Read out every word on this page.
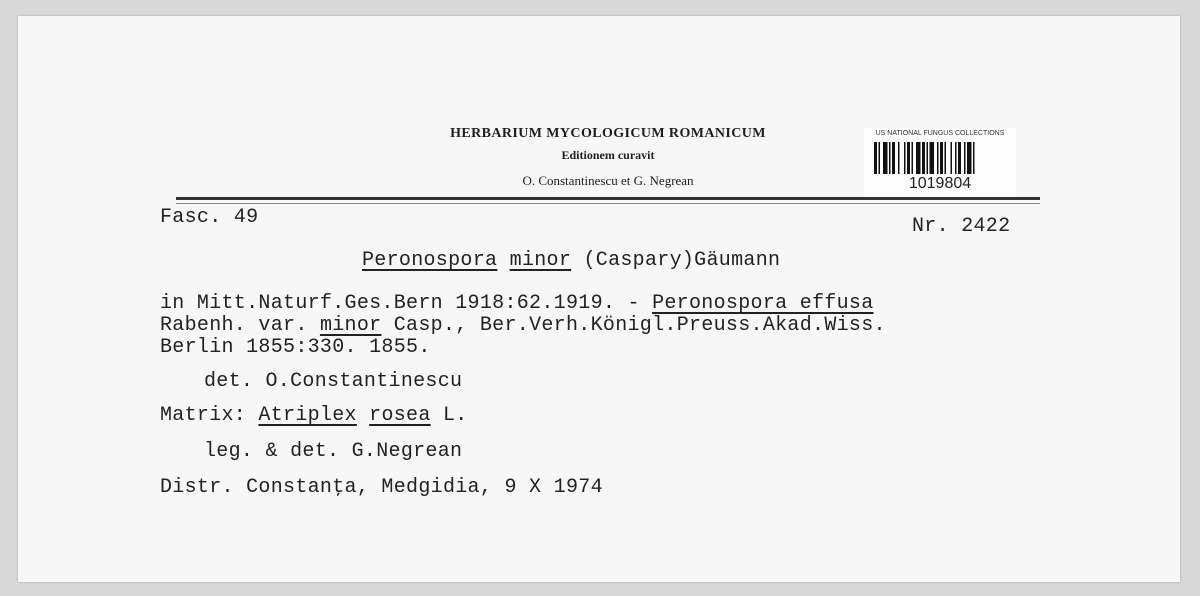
HERBARIUM MYCOLOGICUM ROMANICUM
Editionem curavit
O. Constantinescu et G. Negrean
US NATIONAL FUNGUS COLLECTIONS
1019804
Fasc. 49	Nr. 2422
Peronospora minor (Caspary)Gäumann
in Mitt.Naturf.Ges.Bern 1918:62.1919. - Peronospora effusa
Rabenh. var. minor Casp., Ber.Verh.Königl.Preuss.Akad.Wiss.
Berlin 1855:330. 1855.
det. O.Constantinescu
Matrix: Atriplex rosea L.
leg. & det. G.Negrean
Distr. Constanţa, Medgidia, 9 X 1974
